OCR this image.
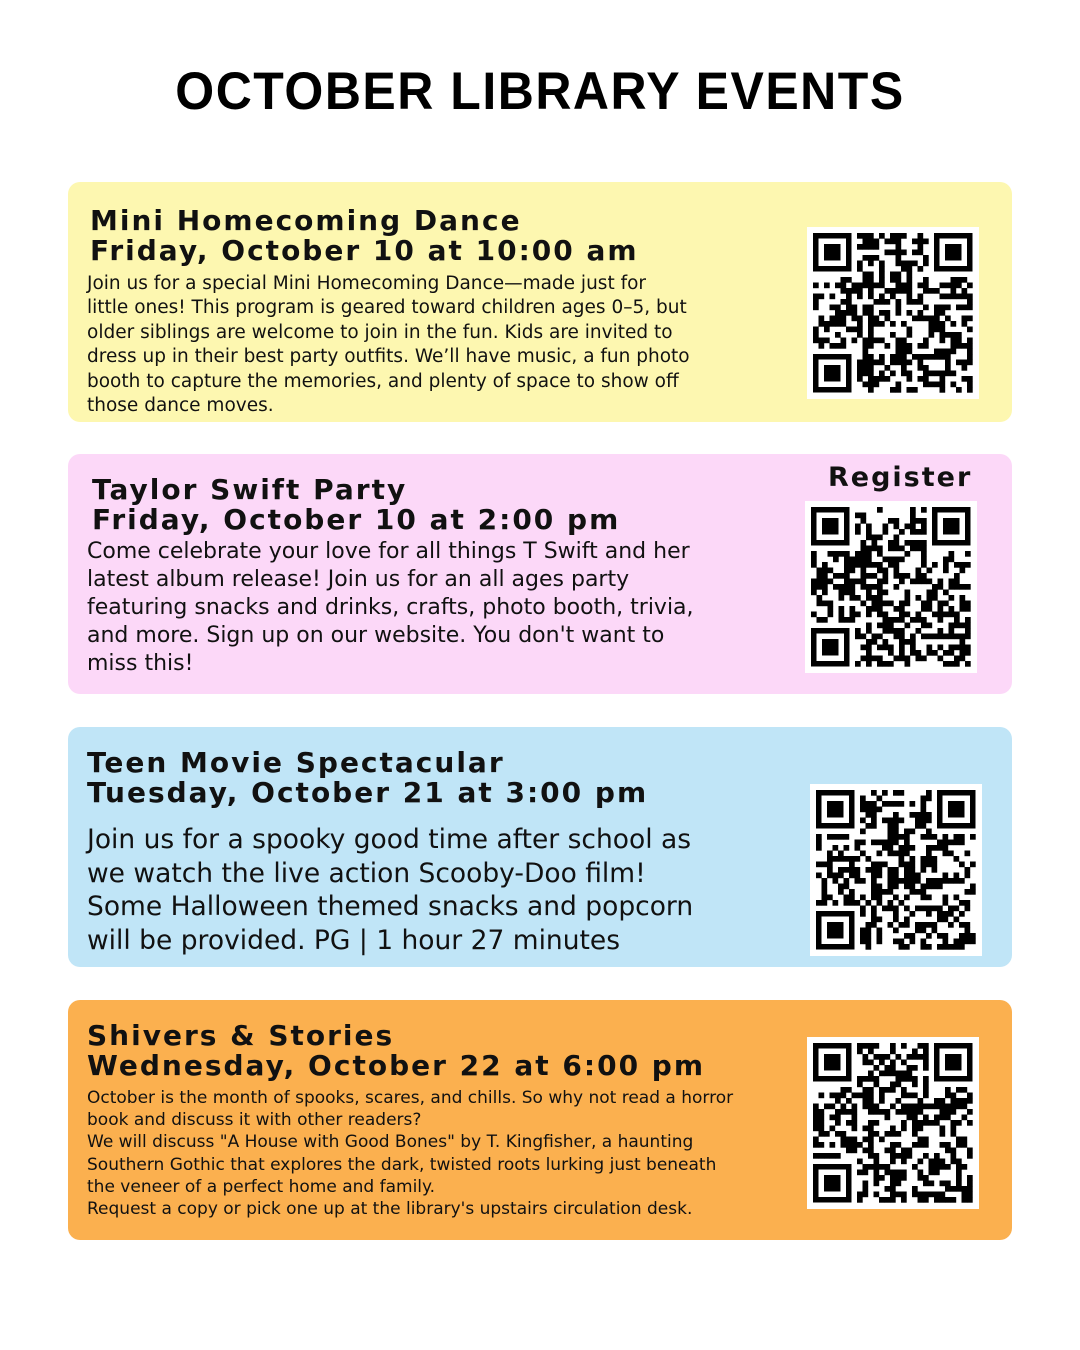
OCTOBER LIBRARY EVENTS
Mini Homecoming Dance
Friday, October 10 at 10:00 am
Join us for a special Mini Homecoming Dance—made just for
little ones! This program is geared toward children ages 0–5, but
older siblings are welcome to join in the fun. Kids are invited to
dress up in their best party outfits. We’ll have music, a fun photo
booth to capture the memories, and plenty of space to show off
those dance moves.
Taylor Swift Party
Friday, October 10 at 2:00 pm
Come celebrate your love for all things T Swift and her
latest album release! Join us for an all ages party
featuring snacks and drinks, crafts, photo booth, trivia,
and more. Sign up on our website. You don't want to
miss this!
Register
Teen Movie Spectacular
Tuesday, October 21 at 3:00 pm
Join us for a spooky good time after school as
we watch the live action Scooby-Doo film!
Some Halloween themed snacks and popcorn
will be provided. PG | 1 hour 27 minutes
Shivers & Stories
Wednesday, October 22 at 6:00 pm
October is the month of spooks, scares, and chills. So why not read a horror
book and discuss it with other readers?
We will discuss "A House with Good Bones" by T. Kingfisher, a haunting
Southern Gothic that explores the dark, twisted roots lurking just beneath
the veneer of a perfect home and family.
Request a copy or pick one up at the library's upstairs circulation desk.
